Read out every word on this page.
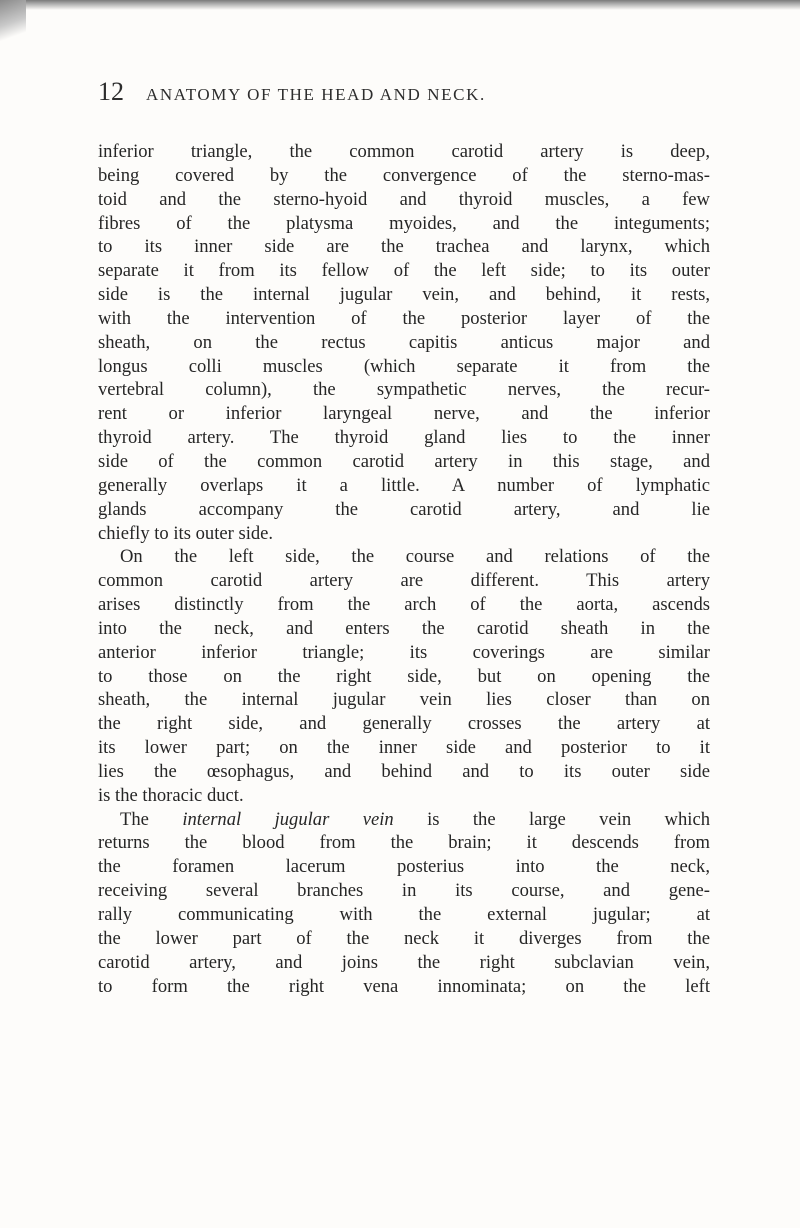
12 ANATOMY OF THE HEAD AND NECK.
inferior triangle, the common carotid artery is deep,
being covered by the convergence of the sterno-mas-
toid and the sterno-hyoid and thyroid muscles, a few
fibres of the platysma myoides, and the integuments;
to its inner side are the trachea and larynx, which
separate it from its fellow of the left side; to its outer
side is the internal jugular vein, and behind, it rests,
with the intervention of the posterior layer of the
sheath, on the rectus capitis anticus major and
longus colli muscles (which separate it from the
vertebral column), the sympathetic nerves, the recur-
rent or inferior laryngeal nerve, and the inferior
thyroid artery. The thyroid gland lies to the inner
side of the common carotid artery in this stage, and
generally overlaps it a little. A number of lymphatic
glands accompany the carotid artery, and lie
chiefly to its outer side.
On the left side, the course and relations of the
common carotid artery are different. This artery
arises distinctly from the arch of the aorta, ascends
into the neck, and enters the carotid sheath in the
anterior inferior triangle; its coverings are similar
to those on the right side, but on opening the
sheath, the internal jugular vein lies closer than on
the right side, and generally crosses the artery at
its lower part; on the inner side and posterior to it
lies the œsophagus, and behind and to its outer side
is the thoracic duct.
The internal jugular vein is the large vein which
returns the blood from the brain; it descends from
the foramen lacerum posterius into the neck,
receiving several branches in its course, and gene-
rally communicating with the external jugular; at
the lower part of the neck it diverges from the
carotid artery, and joins the right subclavian vein,
to form the right vena innominata; on the left
